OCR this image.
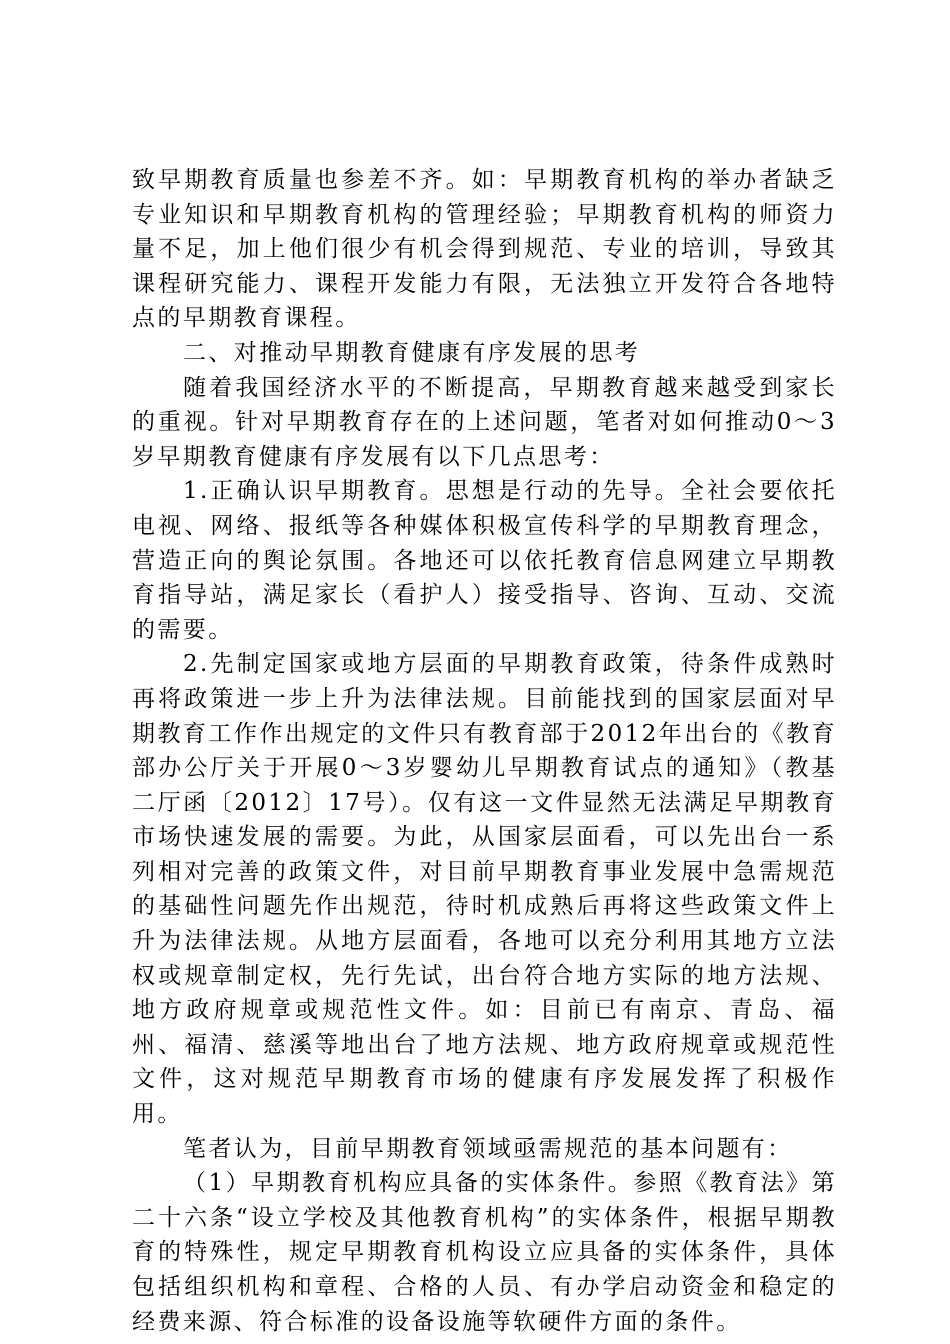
致早期教育质量也参差不齐。如：早期教育机构的举办者缺乏专业知识和早期教育机构的管理经验；早期教育机构的师资力量不足，加上他们很少有机会得到规范、专业的培训，导致其课程研究能力、课程开发能力有限，无法独立开发符合各地特点的早期教育课程。

二、对推动早期教育健康有序发展的思考

随着我国经济水平的不断提高，早期教育越来越受到家长的重视。针对早期教育存在的上述问题，笔者对如何推动0～3岁早期教育健康有序发展有以下几点思考：

1.正确认识早期教育。思想是行动的先导。全社会要依托电视、网络、报纸等各种媒体积极宣传科学的早期教育理念，营造正向的舆论氛围。各地还可以依托教育信息网建立早期教育指导站，满足家长（看护人）接受指导、咨询、互动、交流的需要。

2.先制定国家或地方层面的早期教育政策，待条件成熟时再将政策进一步上升为法律法规。目前能找到的国家层面对早期教育工作作出规定的文件只有教育部于2012年出台的《教育部办公厅关于开展0～3岁婴幼儿早期教育试点的通知》（教基二厅函〔2012〕17号）。仅有这一文件显然无法满足早期教育市场快速发展的需要。为此，从国家层面看，可以先出台一系列相对完善的政策文件，对目前早期教育事业发展中急需规范的基础性问题先作出规范，待时机成熟后再将这些政策文件上升为法律法规。从地方层面看，各地可以充分利用其地方立法权或规章制定权，先行先试，出台符合地方实际的地方法规、地方政府规章或规范性文件。如：目前已有南京、青岛、福州、福清、慈溪等地出台了地方法规、地方政府规章或规范性文件，这对规范早期教育市场的健康有序发展发挥了积极作用。

笔者认为，目前早期教育领域亟需规范的基本问题有：

（1）早期教育机构应具备的实体条件。参照《教育法》第二十六条“设立学校及其他教育机构”的实体条件，根据早期教育的特殊性，规定早期教育机构设立应具备的实体条件，具体包括组织机构和章程、合格的人员、有办学启动资金和稳定的经费来源、符合标准的设备设施等软硬件方面的条件。
